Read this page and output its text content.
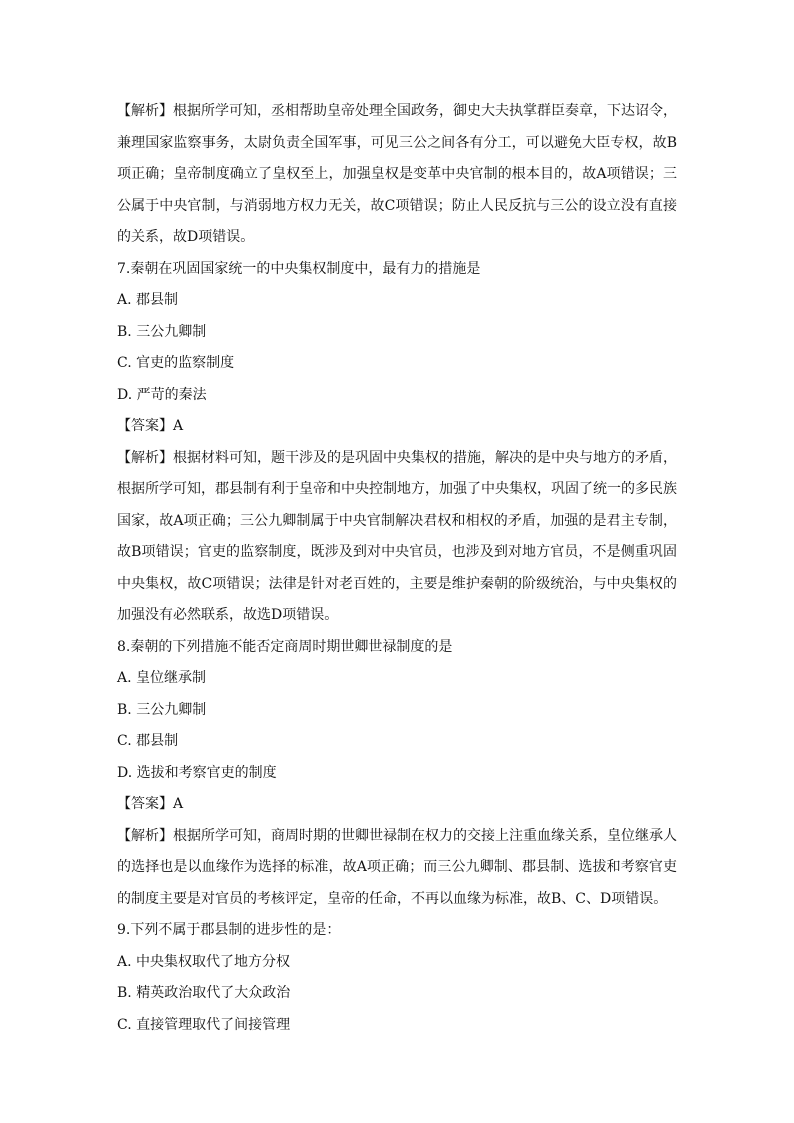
【解析】根据所学可知，丞相帮助皇帝处理全国政务，御史大夫执掌群臣奏章，下达诏令，兼理国家监察事务，太尉负责全国军事，可见三公之间各有分工，可以避免大臣专权，故B项正确；皇帝制度确立了皇权至上，加强皇权是变革中央官制的根本目的，故A项错误；三公属于中央官制，与消弱地方权力无关，故C项错误；防止人民反抗与三公的设立没有直接的关系，故D项错误。

7.秦朝在巩固国家统一的中央集权制度中，最有力的措施是

A. 郡县制

B. 三公九卿制

C. 官吏的监察制度

D. 严苛的秦法

【答案】A

【解析】根据材料可知，题干涉及的是巩固中央集权的措施，解决的是中央与地方的矛盾，根据所学可知，郡县制有利于皇帝和中央控制地方，加强了中央集权，巩固了统一的多民族国家，故A项正确；三公九卿制属于中央官制解决君权和相权的矛盾，加强的是君主专制，故B项错误；官吏的监察制度，既涉及到对中央官员，也涉及到对地方官员，不是侧重巩固中央集权，故C项错误；法律是针对老百姓的，主要是维护秦朝的阶级统治，与中央集权的加强没有必然联系，故选D项错误。

8.秦朝的下列措施不能否定商周时期世卿世禄制度的是

A. 皇位继承制

B. 三公九卿制

C. 郡县制

D. 选拔和考察官吏的制度

【答案】A

【解析】根据所学可知，商周时期的世卿世禄制在权力的交接上注重血缘关系，皇位继承人的选择也是以血缘作为选择的标准，故A项正确；而三公九卿制、郡县制、选拔和考察官吏的制度主要是对官员的考核评定，皇帝的任命，不再以血缘为标准，故B、C、D项错误。

9.下列不属于郡县制的进步性的是：

A. 中央集权取代了地方分权

B. 精英政治取代了大众政治

C. 直接管理取代了间接管理
